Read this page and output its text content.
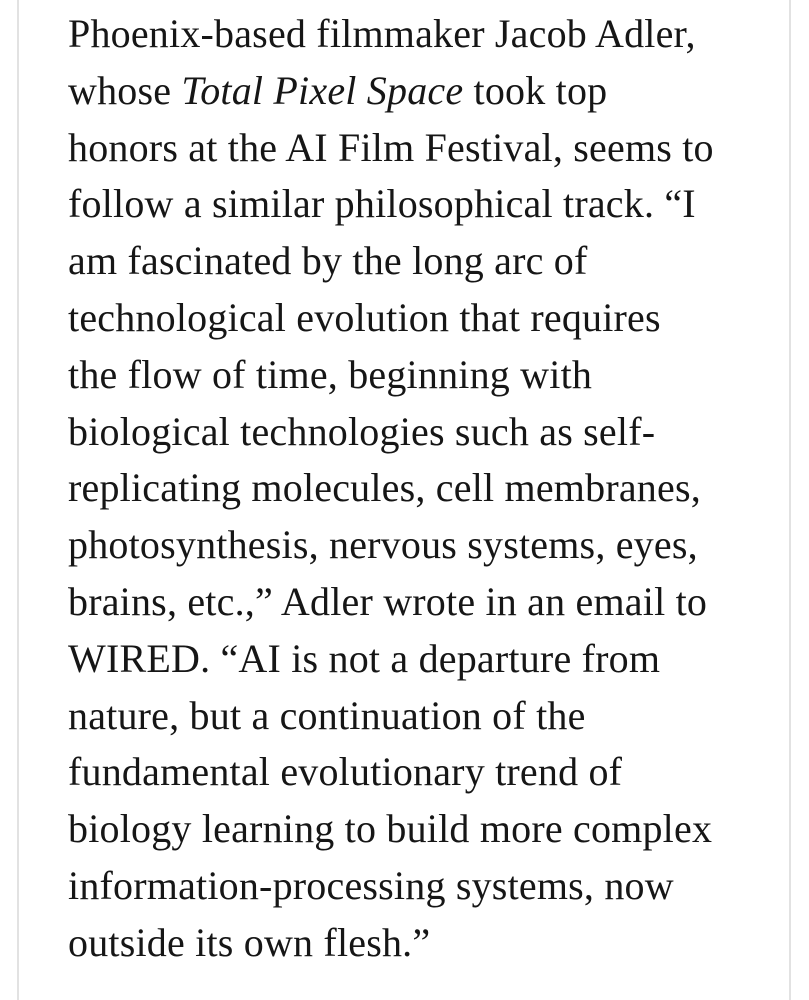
Phoenix-based filmmaker Jacob Adler,
whose Total Pixel Space took top
honors at the AI Film Festival, seems to
follow a similar philosophical track. “I
am fascinated by the long arc of
technological evolution that requires
the flow of time, beginning with
biological technologies such as self-
replicating molecules, cell membranes,
photosynthesis, nervous systems, eyes,
brains, etc.,” Adler wrote in an email to
WIRED. “AI is not a departure from
nature, but a continuation of the
fundamental evolutionary trend of
biology learning to build more complex
information-processing systems, now
outside its own flesh.”
